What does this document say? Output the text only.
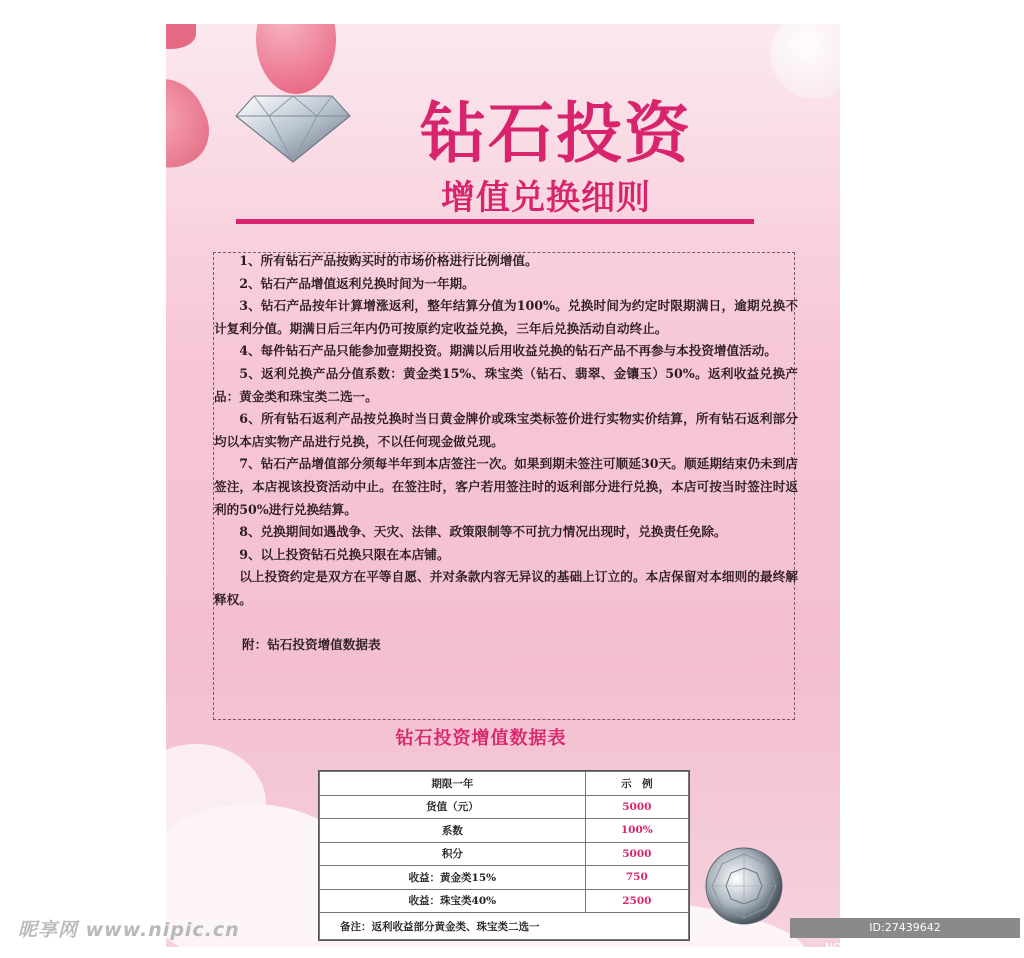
钻石投资
增值兑换细则

1、所有钻石产品按购买时的市场价格进行比例增值。

2、钻石产品增值返利兑换时间为一年期。

3、钻石产品按年计算增涨返利，整年结算分值为100%。兑换时间为约定时限期满日，逾期兑换不计复利分值。期满日后三年内仍可按原约定收益兑换，三年后兑换活动自动终止。

4、每件钻石产品只能参加壹期投资。期满以后用收益兑换的钻石产品不再参与本投资增值活动。

5、返利兑换产品分值系数：黄金类15%、珠宝类（钻石、翡翠、金镶玉）50%。返利收益兑换产品：黄金类和珠宝类二选一。

6、所有钻石返利产品按兑换时当日黄金牌价或珠宝类标签价进行实物实价结算，所有钻石返利部分均以本店实物产品进行兑换，不以任何现金做兑现。

7、钻石产品增值部分须每半年到本店签注一次。如果到期未签注可顺延30天。顺延期结束仍未到店签注，本店视该投资活动中止。在签注时，客户若用签注时的返利部分进行兑换，本店可按当时签注时返利的50%进行兑换结算。

8、兑换期间如遇战争、天灾、法律、政策限制等不可抗力情况出现时，兑换责任免除。

9、以上投资钻石兑换只限在本店铺。

以上投资约定是双方在平等自愿、并对条款内容无异议的基础上订立的。本店保留对本细则的最终解释权。

附：钻石投资增值数据表

钻石投资增值数据表
期限一年	示　例
货值（元）	5000
系数	100%
积分	5000
收益：黄金类15%	750
收益：珠宝类40%	2500
备注：返利收益部分黄金类、珠宝类二选一	
昵享网 www.nipic.cn	ID:27439642 NO:20200414230652387000
